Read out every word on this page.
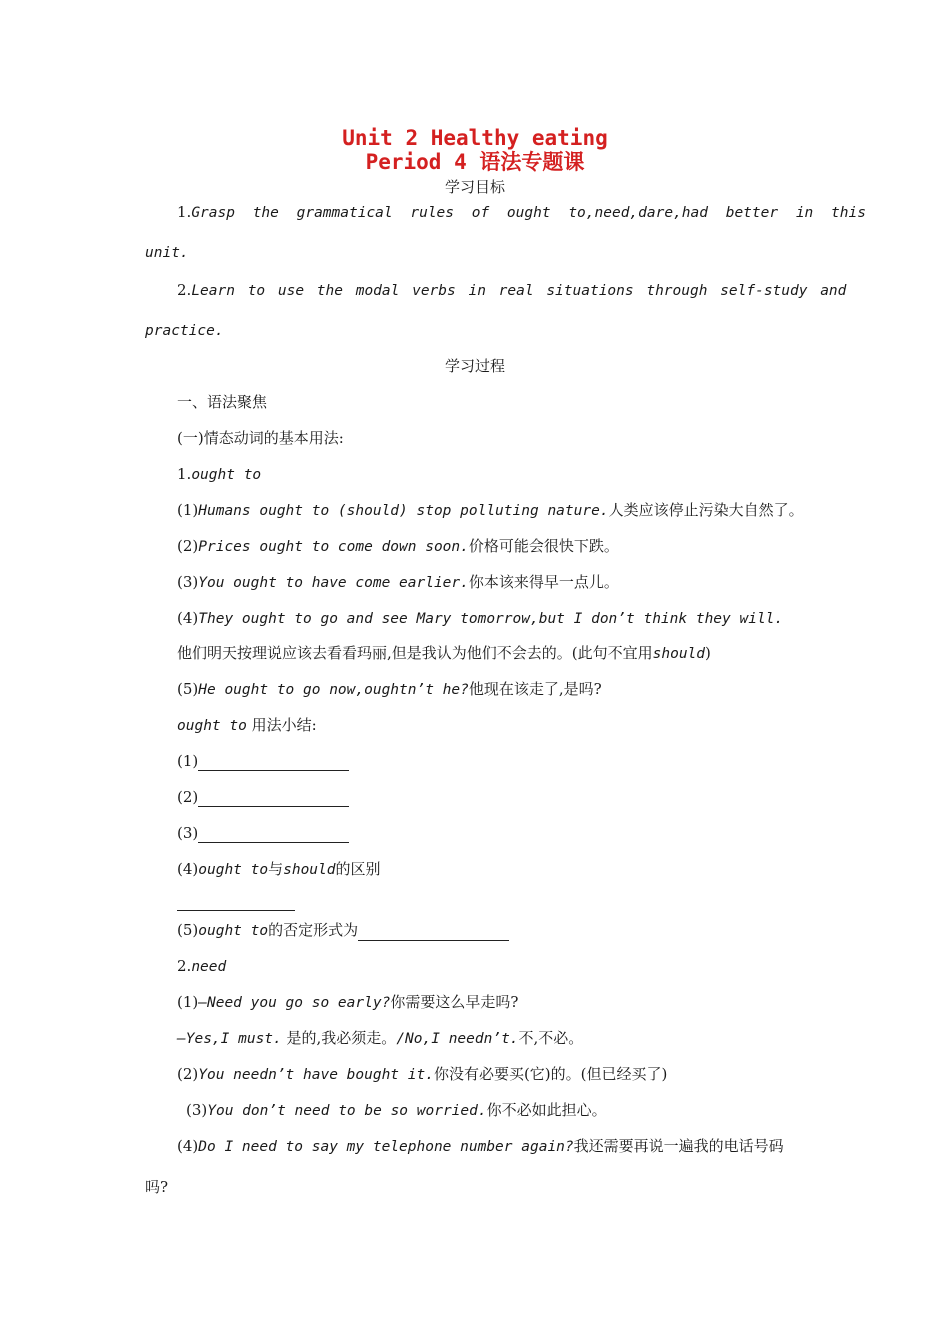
Unit 2 Healthy eating
Period 4 语法专题课
学习目标
1.Grasp the grammatical rules of ought to,need,dare,had better in this
unit.
2.Learn to use the modal verbs in real situations through self-study and
practice.
学习过程
一、语法聚焦
(一)情态动词的基本用法:
1.ought to
(1)Humans ought to (should) stop polluting nature.人类应该停止污染大自然了。
(2)Prices ought to come down soon.价格可能会很快下跌。
(3)You ought to have come earlier.你本该来得早一点儿。
(4)They ought to go and see Mary tomorrow,but I don’t think they will.
他们明天按理说应该去看看玛丽,但是我认为他们不会去的。(此句不宜用should)
(5)He ought to go now,oughtn’t he?他现在该走了,是吗?
ought to 用法小结:
(1)
(2)
(3)
(4)ought to与should的区别
(5)ought to的否定形式为
2.need
(1)—Need you go so early?你需要这么早走吗?
—Yes,I must. 是的,我必须走。/No,I needn’t.不,不必。
(2)You needn’t have bought it.你没有必要买(它)的。(但已经买了)
(3)You don’t need to be so worried.你不必如此担心。
(4)Do I need to say my telephone number again?我还需要再说一遍我的电话号码
吗?
